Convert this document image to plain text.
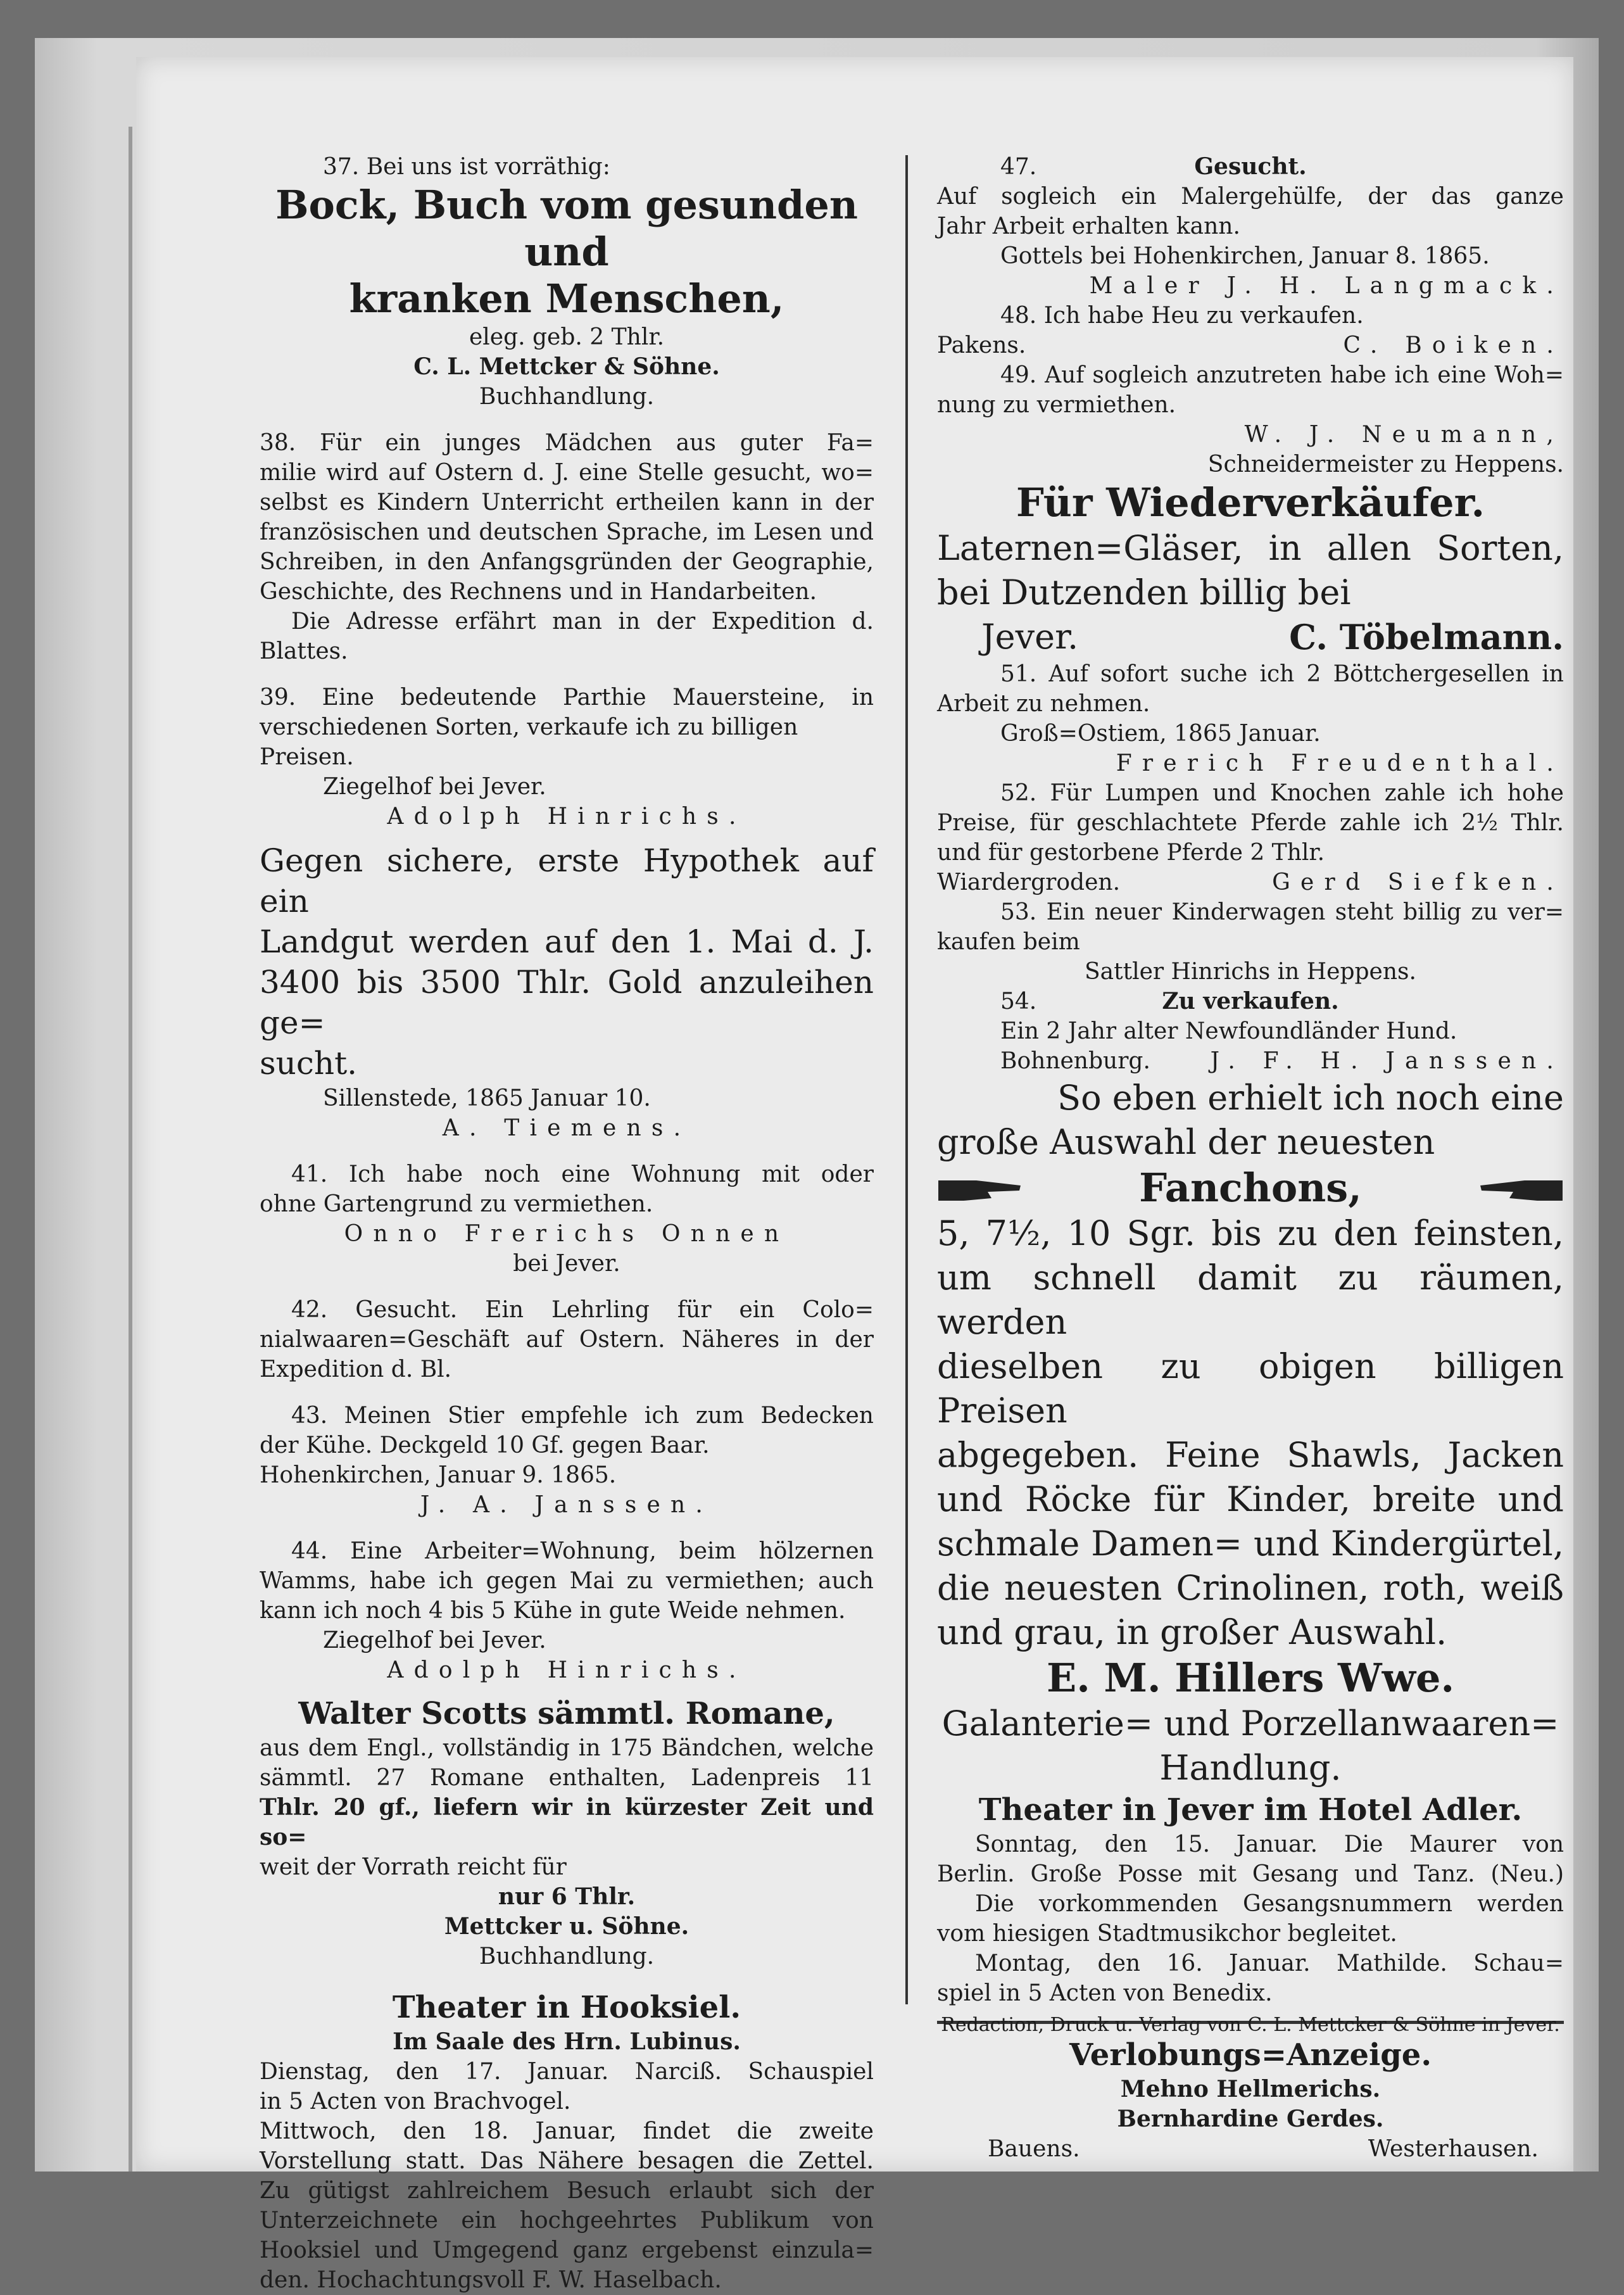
37. Bei uns ist vorräthig:

Bock, Buch vom gesunden und

kranken Menschen,

eleg. geb. 2 Thlr.

C. L. Mettcker & Söhne.

Buchhandlung.

38. Für ein junges Mädchen aus guter Fa=

milie wird auf Ostern d. J. eine Stelle gesucht, wo=

selbst es Kindern Unterricht ertheilen kann in der

französischen und deutschen Sprache, im Lesen und

Schreiben, in den Anfangsgründen der Geographie,

Geschichte, des Rechnens und in Handarbeiten.

Die Adresse erfährt man in der Expedition d.

Blattes.

39. Eine bedeutende Parthie Mauersteine, in

verschiedenen Sorten, verkaufe ich zu billigen Preisen.

Ziegelhof bei Jever.

Adolph Hinrichs.

Gegen sichere, erste Hypothek auf ein

Landgut werden auf den 1. Mai d. J.

3400 bis 3500 Thlr. Gold anzuleihen ge=

sucht.

Sillenstede, 1865 Januar 10.

A. Tiemens.

41. Ich habe noch eine Wohnung mit oder

ohne Gartengrund zu vermiethen.

Onno Frerichs Onnen

bei Jever.

42. Gesucht. Ein Lehrling für ein Colo=

nialwaaren=Geschäft auf Ostern. Näheres in der

Expedition d. Bl.

43. Meinen Stier empfehle ich zum Bedecken

der Kühe. Deckgeld 10 Gf. gegen Baar.

Hohenkirchen, Januar 9. 1865.

J. A. Janssen.

44. Eine Arbeiter=Wohnung, beim hölzernen

Wamms, habe ich gegen Mai zu vermiethen; auch

kann ich noch 4 bis 5 Kühe in gute Weide nehmen.

Ziegelhof bei Jever.

Adolph Hinrichs.

Walter Scotts sämmtl. Romane,

aus dem Engl., vollständig in 175 Bändchen, welche

sämmtl. 27 Romane enthalten, Ladenpreis 11

Thlr. 20 gf., liefern wir in kürzester Zeit und so=

weit der Vorrath reicht für

nur 6 Thlr.

Mettcker u. Söhne.

Buchhandlung.

Theater in Hooksiel.

Im Saale des Hrn. Lubinus.

Dienstag, den 17. Januar. Narciß. Schauspiel

in 5 Acten von Brachvogel.

Mittwoch, den 18. Januar, findet die zweite

Vorstellung statt. Das Nähere besagen die Zettel.

Zu gütigst zahlreichem Besuch erlaubt sich der

Unterzeichnete ein hochgeehrtes Publikum von

Hooksiel und Umgegend ganz ergebenst einzula=

den. Hochachtungsvoll F. W. Haselbach.

47.	Gesucht.

Auf sogleich ein Malergehülfe, der das ganze

Jahr Arbeit erhalten kann.

Gottels bei Hohenkirchen, Januar 8. 1865.

Maler J. H. Langmack.

48. Ich habe Heu zu verkaufen.

Pakens.	C. Boiken.

49. Auf sogleich anzutreten habe ich eine Woh=

nung zu vermiethen.

W. J. Neumann,

Schneidermeister zu Heppens.

Für Wiederverkäufer.

Laternen=Gläser, in allen Sorten,

bei Dutzenden billig bei

Jever.	C. Töbelmann.

51. Auf sofort suche ich 2 Böttchergesellen in

Arbeit zu nehmen.

Groß=Ostiem, 1865 Januar.

Frerich Freudenthal.

52. Für Lumpen und Knochen zahle ich hohe

Preise, für geschlachtete Pferde zahle ich 2½ Thlr.

und für gestorbene Pferde 2 Thlr.

Wiardergroden.	Gerd Siefken.

53. Ein neuer Kinderwagen steht billig zu ver=

kaufen beim

Sattler Hinrichs in Heppens.

54.	Zu verkaufen.

Ein 2 Jahr alter Newfoundländer Hund.

Bohnenburg.	J. F. H. Janssen.

So eben erhielt ich noch eine

große Auswahl der neuesten

Fanchons,

5, 7½, 10 Sgr. bis zu den feinsten,

um schnell damit zu räumen, werden

dieselben zu obigen billigen Preisen

abgegeben. Feine Shawls, Jacken

und Röcke für Kinder, breite und

schmale Damen= und Kindergürtel,

die neuesten Crinolinen, roth, weiß

und grau, in großer Auswahl.

E. M. Hillers Wwe.

Galanterie= und Porzellanwaaren=

Handlung.

Theater in Jever im Hotel Adler.

Sonntag, den 15. Januar. Die Maurer von

Berlin. Große Posse mit Gesang und Tanz. (Neu.)

Die vorkommenden Gesangsnummern werden

vom hiesigen Stadtmusikchor begleitet.

Montag, den 16. Januar. Mathilde. Schau=

spiel in 5 Acten von Benedix.

Verlobungs=Anzeige.

Mehno Hellmerichs.

Bernhardine Gerdes.

Bauens.	Westerhausen.

Redaction, Druck u. Verlag von C. L. Mettcker & Söhne in Jever.
